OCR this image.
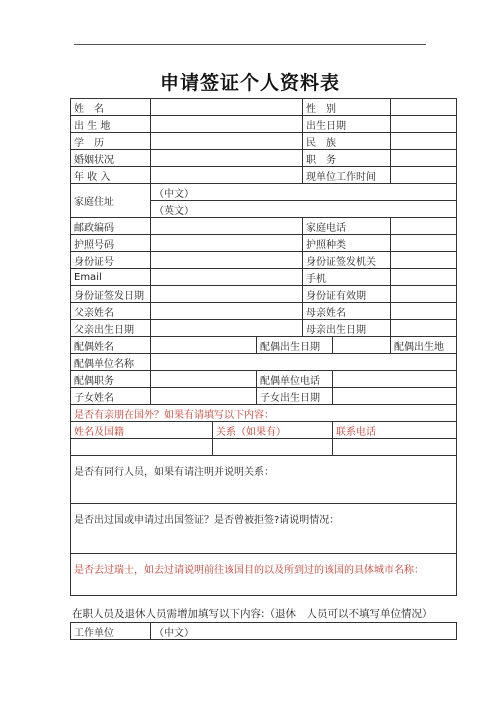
申请签证个人资料表
姓　名				性　别		
出 生 地				出生日期		
学　历				民　族		
婚姻状况				职　务		
年 收 入				现单位工作时间		
家庭住址	（中文）					
	（英文）					
邮政编码				家庭电话		
护照号码				护照种类		
身份证号				身份证签发机关		
Email				手机		
身份证签发日期				身份证有效期		
父亲姓名				母亲姓名		
父亲出生日期				母亲出生日期		
配偶姓名			配偶出生日期			配偶出生地
配偶单位名称						
配偶职务			配偶单位电话			
子女姓名			子女出生日期			
是否有亲朋在国外？如果有请填写以下内容：						
姓名及国籍		关系（如果有）			联系电话	

是否有同行人员，如果有请注明并说明关系：						
是否出过国或申请过出国签证？是否曾被拒签?请说明情况：						
是否去过瑞士，如去过请说明前往该国目的以及所到过的该国的具体城市名称：						
在职人员及退休人员需增加填写以下内容:（退休　人员可以不填写单位情况）
工作单位	（中文）
